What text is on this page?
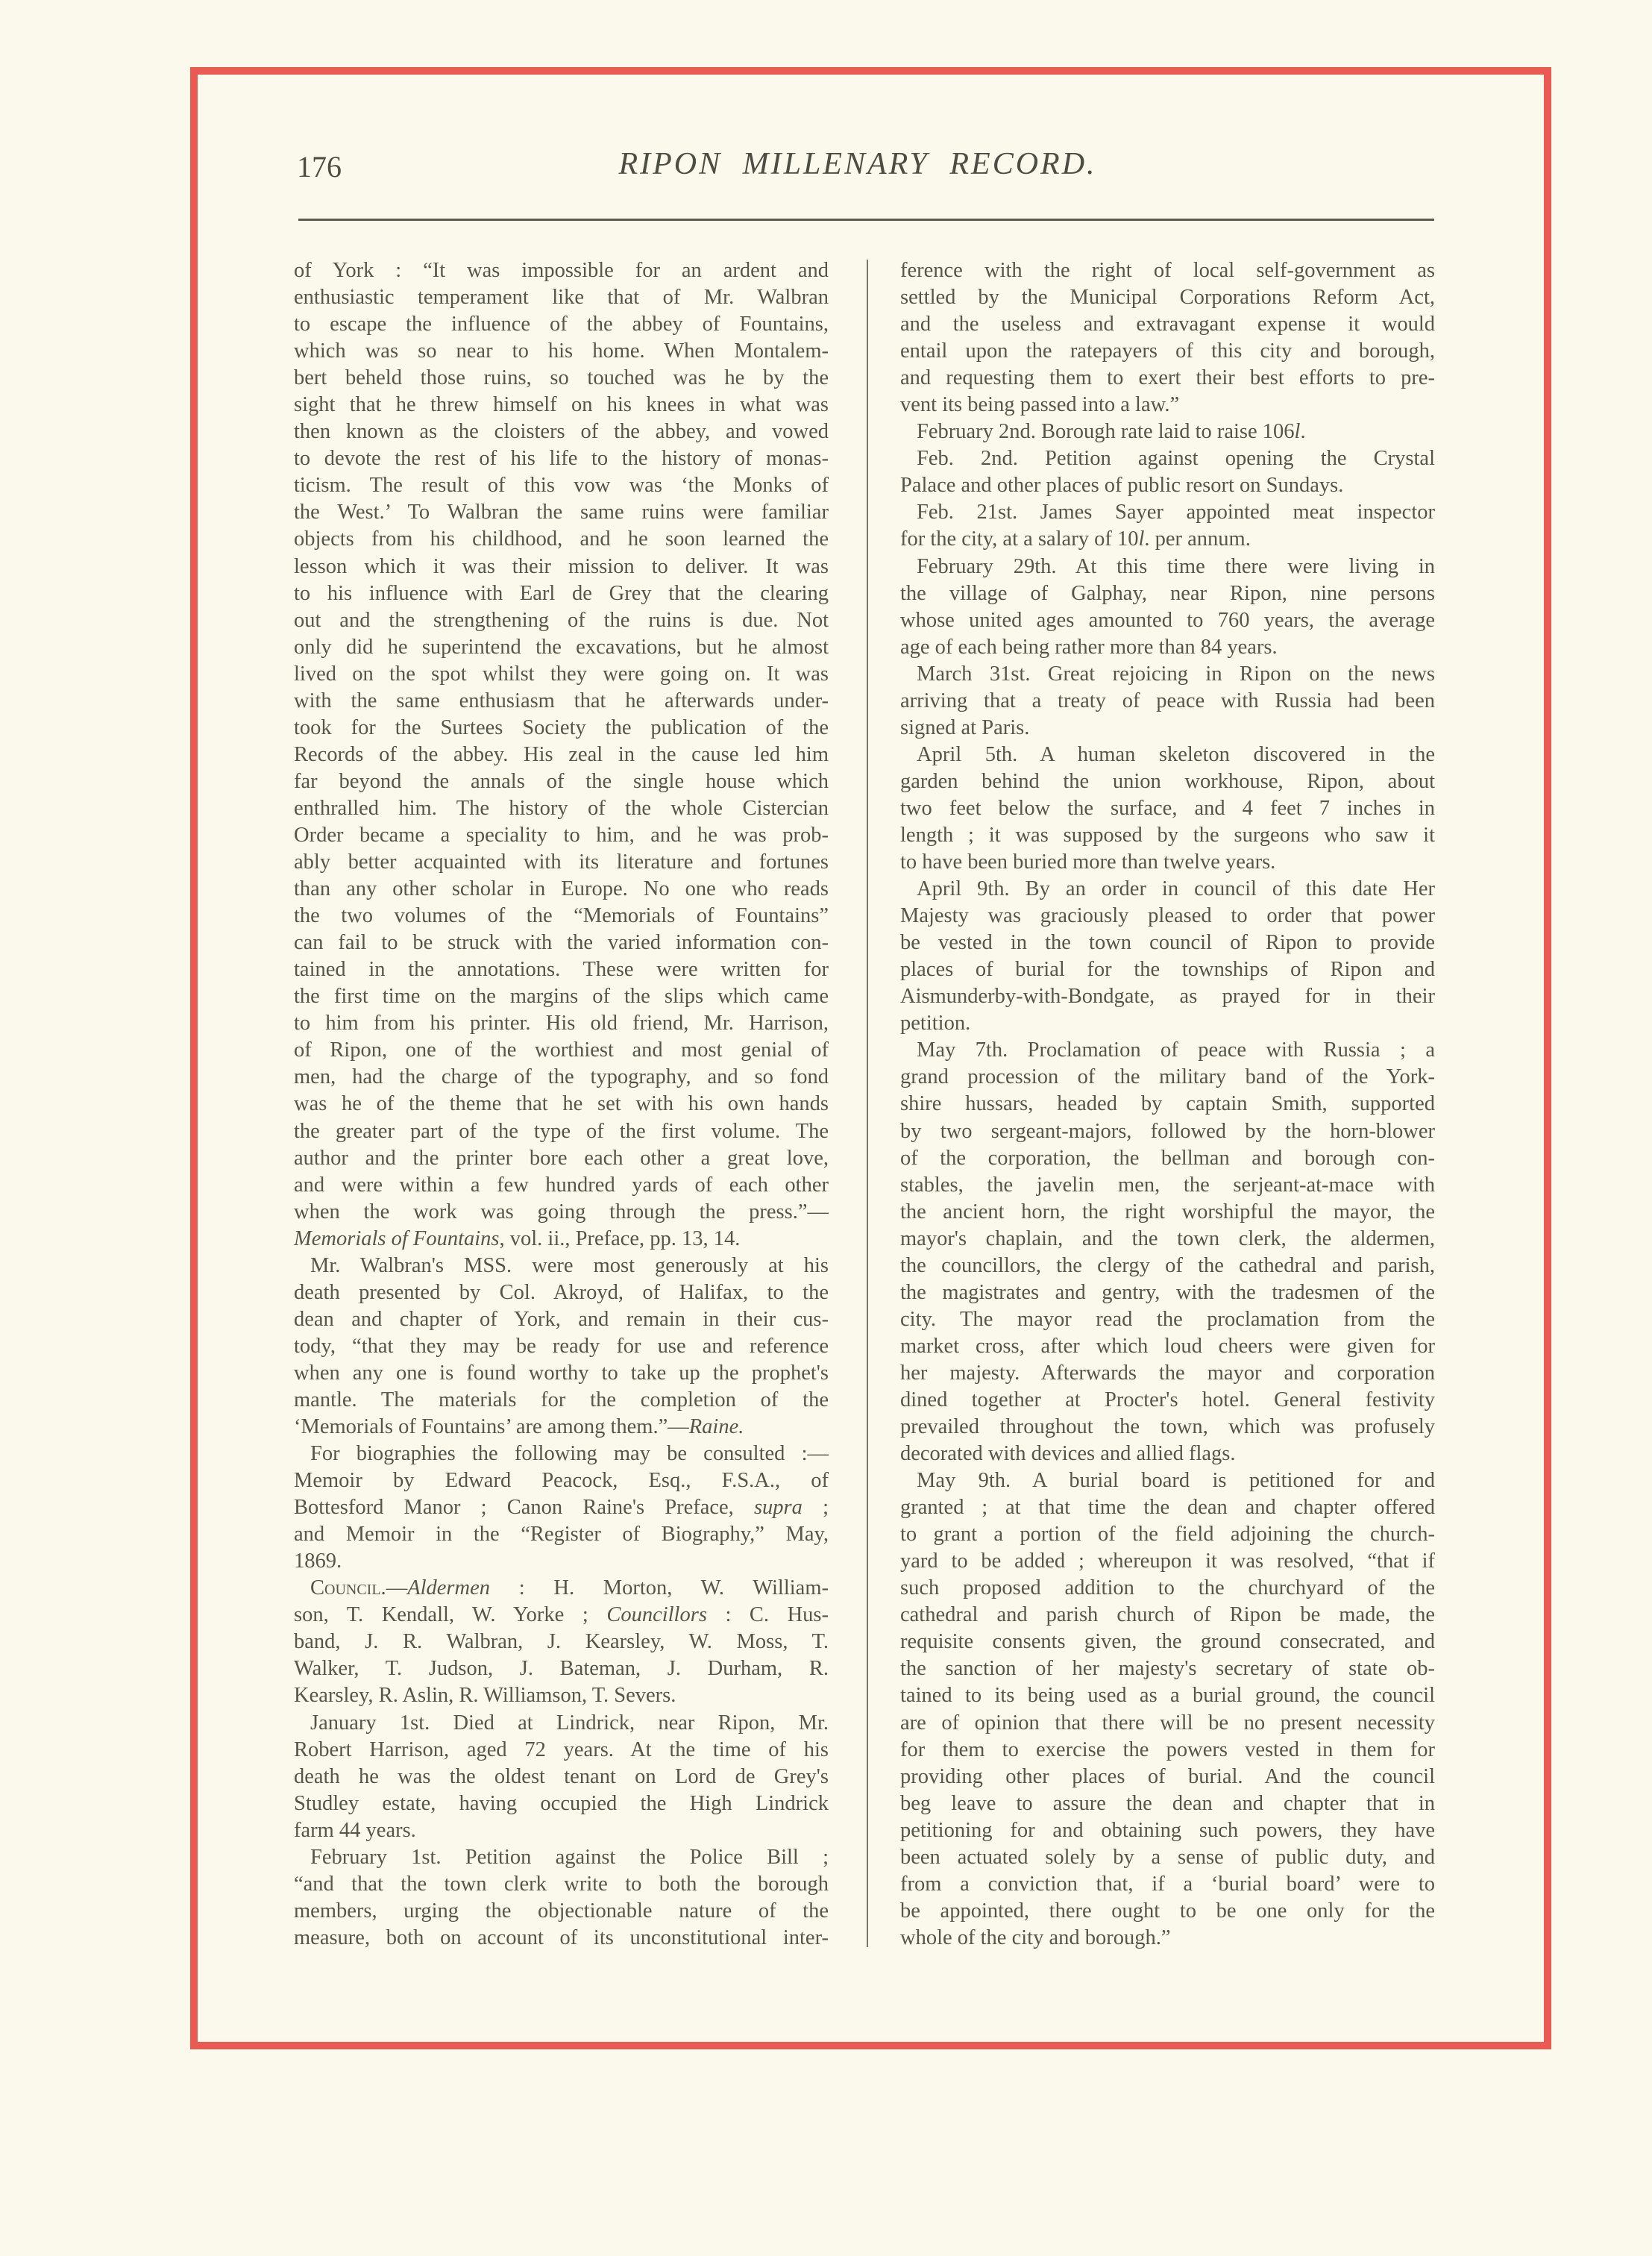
176	RIPON MILLENARY RECORD.
of York : “It was impossible for an ardent and
enthusiastic temperament like that of Mr. Walbran
to escape the influence of the abbey of Fountains,
which was so near to his home. When Montalem-
bert beheld those ruins, so touched was he by the
sight that he threw himself on his knees in what was
then known as the cloisters of the abbey, and vowed
to devote the rest of his life to the history of monas-
ticism. The result of this vow was ‘the Monks of
the West.’ To Walbran the same ruins were familiar
objects from his childhood, and he soon learned the
lesson which it was their mission to deliver. It was
to his influence with Earl de Grey that the clearing
out and the strengthening of the ruins is due. Not
only did he superintend the excavations, but he almost
lived on the spot whilst they were going on. It was
with the same enthusiasm that he afterwards under-
took for the Surtees Society the publication of the
Records of the abbey. His zeal in the cause led him
far beyond the annals of the single house which
enthralled him. The history of the whole Cistercian
Order became a speciality to him, and he was prob-
ably better acquainted with its literature and fortunes
than any other scholar in Europe. No one who reads
the two volumes of the “Memorials of Fountains”
can fail to be struck with the varied information con-
tained in the annotations. These were written for
the first time on the margins of the slips which came
to him from his printer. His old friend, Mr. Harrison,
of Ripon, one of the worthiest and most genial of
men, had the charge of the typography, and so fond
was he of the theme that he set with his own hands
the greater part of the type of the first volume. The
author and the printer bore each other a great love,
and were within a few hundred yards of each other
when the work was going through the press.”—
Memorials of Fountains, vol. ii., Preface, pp. 13, 14.
Mr. Walbran's MSS. were most generously at his
death presented by Col. Akroyd, of Halifax, to the
dean and chapter of York, and remain in their cus-
tody, “that they may be ready for use and reference
when any one is found worthy to take up the prophet's
mantle. The materials for the completion of the
‘Memorials of Fountains’ are among them.”—Raine.
For biographies the following may be consulted :—
Memoir by Edward Peacock, Esq., F.S.A., of
Bottesford Manor ; Canon Raine's Preface, supra ;
and Memoir in the “Register of Biography,” May,
1869.
Council.—Aldermen : H. Morton, W. William-
son, T. Kendall, W. Yorke ; Councillors : C. Hus-
band, J. R. Walbran, J. Kearsley, W. Moss, T.
Walker, T. Judson, J. Bateman, J. Durham, R.
Kearsley, R. Aslin, R. Williamson, T. Severs.
January 1st. Died at Lindrick, near Ripon, Mr.
Robert Harrison, aged 72 years. At the time of his
death he was the oldest tenant on Lord de Grey's
Studley estate, having occupied the High Lindrick
farm 44 years.
February 1st. Petition against the Police Bill ;
“and that the town clerk write to both the borough
members, urging the objectionable nature of the
measure, both on account of its unconstitutional inter-
ference with the right of local self-government as
settled by the Municipal Corporations Reform Act,
and the useless and extravagant expense it would
entail upon the ratepayers of this city and borough,
and requesting them to exert their best efforts to pre-
vent its being passed into a law.”
February 2nd. Borough rate laid to raise 106l.
Feb. 2nd. Petition against opening the Crystal
Palace and other places of public resort on Sundays.
Feb. 21st. James Sayer appointed meat inspector
for the city, at a salary of 10l. per annum.
February 29th. At this time there were living in
the village of Galphay, near Ripon, nine persons
whose united ages amounted to 760 years, the average
age of each being rather more than 84 years.
March 31st. Great rejoicing in Ripon on the news
arriving that a treaty of peace with Russia had been
signed at Paris.
April 5th. A human skeleton discovered in the
garden behind the union workhouse, Ripon, about
two feet below the surface, and 4 feet 7 inches in
length ; it was supposed by the surgeons who saw it
to have been buried more than twelve years.
April 9th. By an order in council of this date Her
Majesty was graciously pleased to order that power
be vested in the town council of Ripon to provide
places of burial for the townships of Ripon and
Aismunderby-with-Bondgate, as prayed for in their
petition.
May 7th. Proclamation of peace with Russia ; a
grand procession of the military band of the York-
shire hussars, headed by captain Smith, supported
by two sergeant-majors, followed by the horn-blower
of the corporation, the bellman and borough con-
stables, the javelin men, the serjeant-at-mace with
the ancient horn, the right worshipful the mayor, the
mayor's chaplain, and the town clerk, the aldermen,
the councillors, the clergy of the cathedral and parish,
the magistrates and gentry, with the tradesmen of the
city. The mayor read the proclamation from the
market cross, after which loud cheers were given for
her majesty. Afterwards the mayor and corporation
dined together at Procter's hotel. General festivity
prevailed throughout the town, which was profusely
decorated with devices and allied flags.
May 9th. A burial board is petitioned for and
granted ; at that time the dean and chapter offered
to grant a portion of the field adjoining the church-
yard to be added ; whereupon it was resolved, “that if
such proposed addition to the churchyard of the
cathedral and parish church of Ripon be made, the
requisite consents given, the ground consecrated, and
the sanction of her majesty's secretary of state ob-
tained to its being used as a burial ground, the council
are of opinion that there will be no present necessity
for them to exercise the powers vested in them for
providing other places of burial. And the council
beg leave to assure the dean and chapter that in
petitioning for and obtaining such powers, they have
been actuated solely by a sense of public duty, and
from a conviction that, if a ‘burial board’ were to
be appointed, there ought to be one only for the
whole of the city and borough.”
